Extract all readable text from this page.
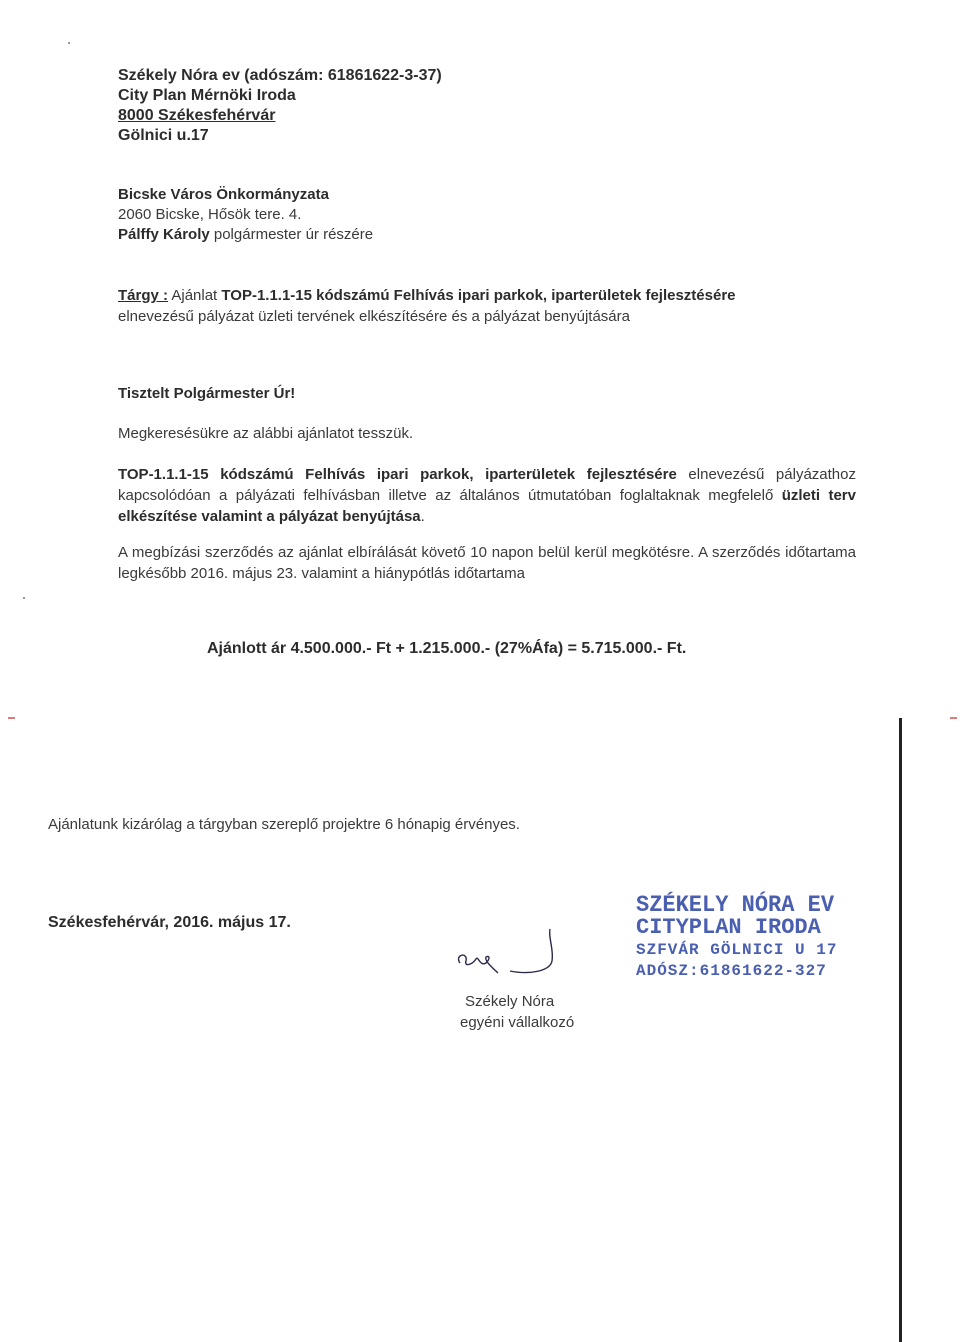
Székely Nóra ev (adószám: 61861622-3-37)
City Plan Mérnöki Iroda
8000 Székesfehérvár
Gölnici u.17
Bicske Város Önkormányzata
2060 Bicske, Hősök tere. 4.
Pálffy Károly polgármester úr részére
Tárgy : Ajánlat TOP-1.1.1-15 kódszámú Felhívás ipari parkok, iparterületek fejlesztésére
elnevezésű pályázat üzleti tervének elkészítésére és a pályázat benyújtására
Tisztelt Polgármester Úr!
Megkeresésükre az alábbi ajánlatot tesszük.
TOP-1.1.1-15 kódszámú Felhívás ipari parkok, iparterületek fejlesztésére elnevezésű pályázathoz kapcsolódóan a pályázati felhívásban illetve az általános útmutatóban foglaltaknak megfelelő üzleti terv elkészítése valamint a pályázat benyújtása.
A megbízási szerződés az ajánlat elbírálását követő 10 napon belül kerül megkötésre. A szerződés időtartama legkésőbb 2016. május 23. valamint a hiánypótlás időtartama
Ajánlott ár 4.500.000.- Ft + 1.215.000.- (27%Áfa) = 5.715.000.- Ft.
Ajánlatunk kizárólag a tárgyban szereplő projektre 6 hónapig érvényes.
Székesfehérvár, 2016. május 17.
Székely Nóra
egyéni vállalkozó
SZÉKELY NÓRA EV
CITYPLAN IRODA
SZFVÁR GÖLNICI U 17
ADÓSZ:61861622-327
